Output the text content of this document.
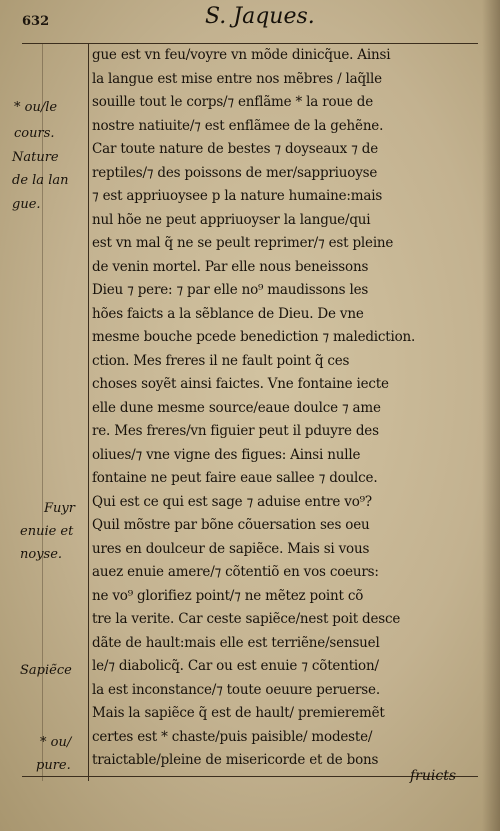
632	S. Jaques.
gue est vn feu/voyre vn mõde dinicq̃ue. Ainsi
la langue est mise entre nos mẽbres / laq̃lle
souille tout le corps/⁊ enflãme * la roue de
nostre natiuite/⁊ est enflãmee de la gehẽne.
Car toute nature de bestes ⁊ doyseaux ⁊ de
reptiles/⁊ des poissons de mer/sappriuoyse
⁊ est appriuoysee p la nature humaine:mais
nul hõe ne peut appriuoyser la langue/qui
est vn mal q̃ ne se peult reprimer/⁊ est pleine
de venin mortel. Par elle nous beneissons
Dieu ⁊ pere: ⁊ par elle no⁹ maudissons les
hões faicts a la sẽblance de Dieu. De vne
mesme bouche pcede benediction ⁊ malediction.
ction. Mes freres il ne fault point q̃ ces
choses soyẽt ainsi faictes. Vne fontaine iecte
elle dune mesme source/eaue doulce ⁊ ame
re. Mes freres/vn figuier peut il pduyre des
oliues/⁊ vne vigne des figues: Ainsi nulle
fontaine ne peut faire eaue sallee ⁊ doulce.
Qui est ce qui est sage ⁊ aduise entre vo⁹?
Quil mõstre par bõne cõuersation ses oeu
ures en doulceur de sapiẽce. Mais si vous
auez enuie amere/⁊ cõtentiõ en vos coeurs:
ne vo⁹ glorifiez point/⁊ ne mẽtez point cõ
tre la verite. Car ceste sapiẽce/nest poit desce
dãte de hault:mais elle est terriẽne/sensuel
le/⁊ diabolicq̃. Car ou est enuie ⁊ cõtention/
la est inconstance/⁊ toute oeuure peruerse.
Mais la sapiẽce q̃ est de hault/ premieremẽt
certes est * chaste/puis paisible/ modeste/
traictable/pleine de misericorde et de bons
* ou/le
cours.
Nature
de la lan
gue.
Fuyr
enuie et
noyse.
Sapiẽce
* ou/
pure.
fruicts
